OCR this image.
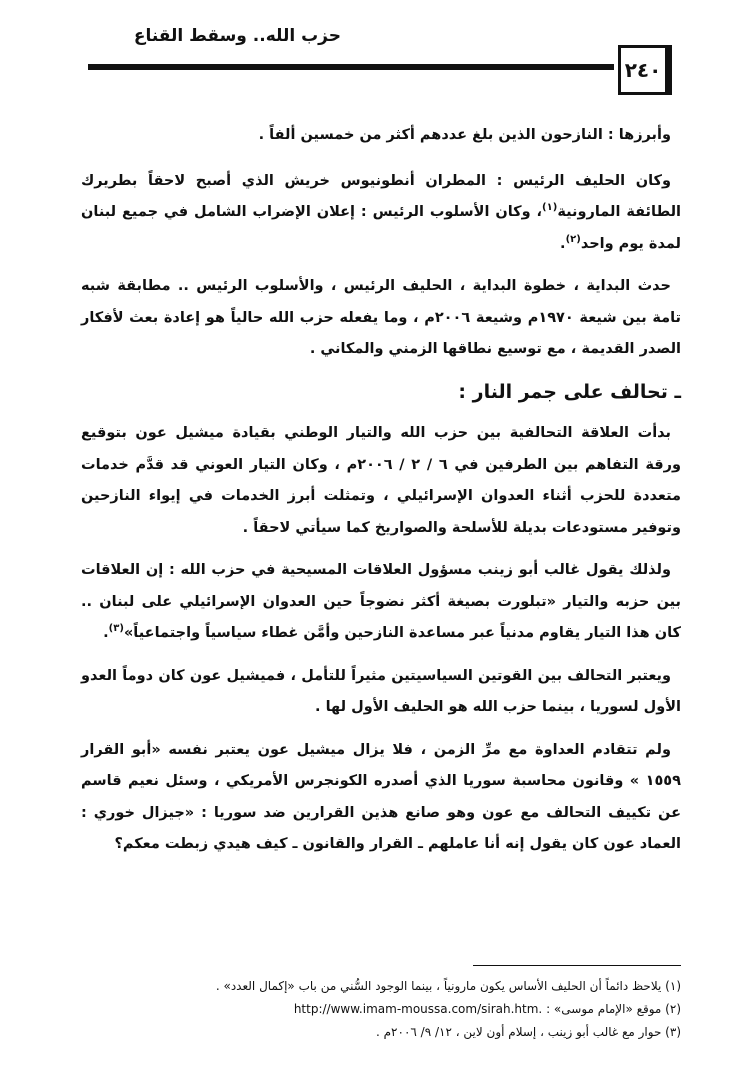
حزب الله.. وسقط القناع
٢٤٠

وأبرزها : النازحون الذين بلغ عددهم أكثر من خمسين ألفاً .

وكان الحليف الرئيس : المطران أنطونيوس خريش الذي أصبح لاحقاً بطريرك الطائفة المارونية$^{(١)}$، وكان الأسلوب الرئيس : إعلان الإضراب الشامل في جميع لبنان لمدة يوم واحد$^{(٢)}$.

حدث البداية ، خطوة البداية ، الحليف الرئيس ، والأسلوب الرئيس .. مطابقة شبه تامة بين شيعة ١٩٧٠م وشيعة ٢٠٠٦م ، وما يفعله حزب الله حالياً هو إعادة بعث لأفكار الصدر القديمة ، مع توسيع نطاقها الزمني والمكاني .

ـ تحالف على جمر النار :

بدأت العلاقة التحالفية بين حزب الله والتيار الوطني بقيادة ميشيل عون بتوقيع ورقة التفاهم بين الطرفين في ٦ / ٢ / ٢٠٠٦م ، وكان التيار العوني قد قدَّم خدمات متعددة للحزب أثناء العدوان الإسرائيلي ، وتمثلت أبرز الخدمات في إيواء النازحين وتوفير مستودعات بديلة للأسلحة والصواريخ كما سيأتي لاحقاً .

ولذلك يقول غالب أبو زينب مسؤول العلاقات المسيحية في حزب الله : إن العلاقات بين حزبه والتيار «تبلورت بصيغة أكثر نضوجاً حين العدوان الإسرائيلي على لبنان .. كان هذا التيار يقاوم مدنياً عبر مساعدة النازحين وأمَّن غطاء سياسياً واجتماعياً»$^{(٣)}$.

ويعتبر التحالف بين القوتين السياسيتين مثيراً للتأمل ، فميشيل عون كان دوماً العدو الأول لسوريا ، بينما حزب الله هو الحليف الأول لها .

ولم تتقادم العداوة مع مرِّ الزمن ، فلا يزال ميشيل عون يعتبر نفسه «أبو القرار ١٥٥٩ » وقانون محاسبة سوريا الذي أصدره الكونجرس الأمريكي ، وسئل نعيم قاسم عن تكييف التحالف مع عون وهو صانع هذين القرارين ضد سوريا : «جيزال خوري : العماد عون كان يقول إنه أنا عاملهم ـ القرار والقانون ـ كيف هيدي زبطت معكم؟

(١) يلاحظ دائماً أن الحليف الأساس يكون مارونياً ، بينما الوجود السُّني من باب «إكمال العدد» .
(٢) موقع «الإمام موسى» : http://www.imam-moussa.com/sirah.htm.
(٣) حوار مع غالب أبو زينب ، إسلام أون لاين ، ١٢/ ٩/ ٢٠٠٦م .
